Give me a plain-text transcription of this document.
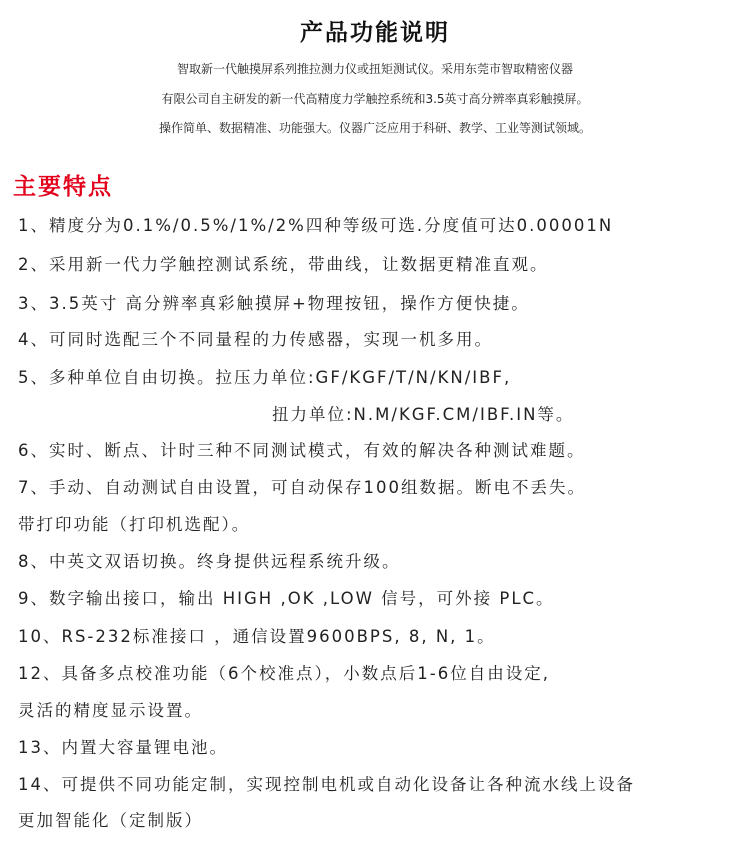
产品功能说明
智取新一代触摸屏系列推拉测力仪或扭矩测试仪。采用东莞市智取精密仪器
有限公司自主研发的新一代高精度力学触控系统和3.5英寸高分辨率真彩触摸屏。
操作简单、数据精准、功能强大。仪器广泛应用于科研、教学、工业等测试领域。
主要特点
1、精度分为0.1%/0.5%/1%/2%四种等级可选.分度值可达0.00001N
2、采用新一代力学触控测试系统，带曲线，让数据更精准直观。
3、3.5英寸 高分辨率真彩触摸屏+物理按钮，操作方便快捷。
4、可同时选配三个不同量程的力传感器，实现一机多用。
5、多种单位自由切换。拉压力单位:GF/KGF/T/N/KN/IBF,
扭力单位:N.M/KGF.CM/IBF.IN等。
6、实时、断点、计时三种不同测试模式，有效的解决各种测试难题。
7、手动、自动测试自由设置，可自动保存100组数据。断电不丢失。
带打印功能（打印机选配）。
8、中英文双语切换。终身提供远程系统升级。
9、数字输出接口，输出 HIGH ,OK ,LOW 信号，可外接 PLC。
10、RS-232标准接口 ，通信设置9600BPS, 8, N, 1。
12、具备多点校准功能（6个校准点），小数点后1-6位自由设定,
灵活的精度显示设置。
13、内置大容量锂电池。
14、可提供不同功能定制，实现控制电机或自动化设备让各种流水线上设备
更加智能化（定制版）
